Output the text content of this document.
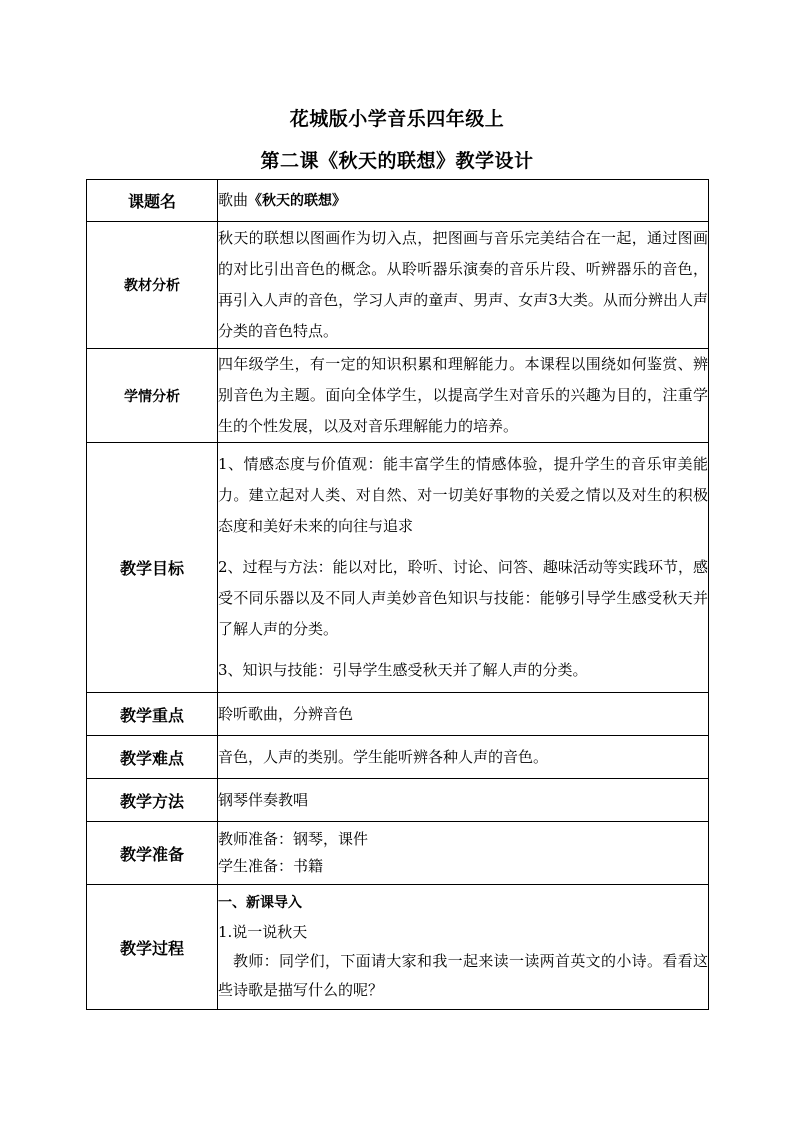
花城版小学音乐四年级上
第二课《秋天的联想》教学设计
课题名	歌曲《秋天的联想》
教材分析	秋天的联想以图画作为切入点，把图画与音乐完美结合在一起，通过图画的对比引出音色的概念。从聆听器乐演奏的音乐片段、听辨器乐的音色，再引入人声的音色，学习人声的童声、男声、女声3大类。从而分辨出人声分类的音色特点。

学情分析	四年级学生，有一定的知识积累和理解能力。本课程以围绕如何鉴赏、辨别音色为主题。面向全体学生，以提高学生对音乐的兴趣为目的，注重学生的个性发展，以及对音乐理解能力的培养。

教学目标	1、情感态度与价值观：能丰富学生的情感体验，提升学生的音乐审美能力。建立起对人类、对自然、对一切美好事物的关爱之情以及对生的积极态度和美好未来的向往与追求

2、过程与方法：能以对比，聆听、讨论、问答、趣味活动等实践环节，感受不同乐器以及不同人声美妙音色知识与技能：能够引导学生感受秋天并了解人声的分类。

3、知识与技能：引导学生感受秋天并了解人声的分类。

教学重点	聆听歌曲，分辨音色
教学难点	音色，人声的类别。学生能听辨各种人声的音色。
教学方法	钢琴伴奏教唱
教学准备	教师准备：钢琴，课件

学生准备：书籍

教学过程	一、新课导入

1.说一说秋天

教师：同学们，下面请大家和我一起来读一读两首英文的小诗。看看这些诗歌是描写什么的呢？
